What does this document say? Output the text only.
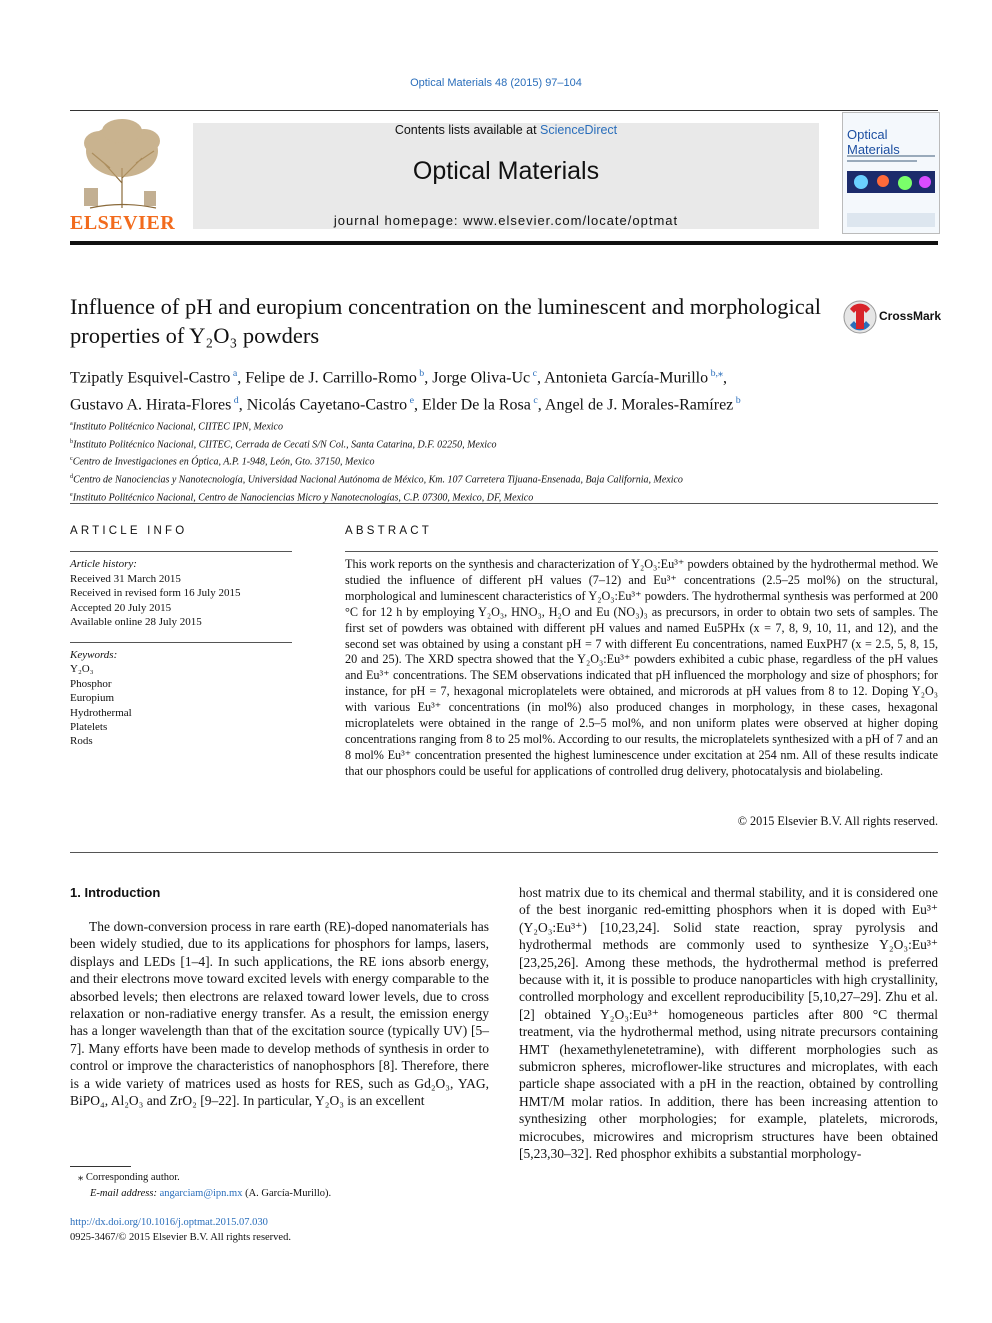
Optical Materials 48 (2015) 97–104
ELSEVIER
Contents lists available at ScienceDirect
Optical Materials
journal homepage: www.elsevier.com/locate/optmat
Optical Materials
Influence of pH and europium concentration on the luminescent and morphological properties of Y₂O₃ powders
CrossMark
Tzipatly Esquivel-Castro $^a$, Felipe de J. Carrillo-Romo $^b$, Jorge Oliva-Uc $^c$, Antonieta García-Murillo $^{b,⁎}$,
Gustavo A. Hirata-Flores $^d$, Nicolás Cayetano-Castro $^e$, Elder De la Rosa $^c$, Angel de J. Morales-Ramírez $^b$
$^a$Instituto Politécnico Nacional, CIITEC IPN, Mexico
$^b$Instituto Politécnico Nacional, CIITEC, Cerrada de Cecati S/N Col., Santa Catarina, D.F. 02250, Mexico
$^c$Centro de Investigaciones en Óptica, A.P. 1-948, León, Gto. 37150, Mexico
$^d$Centro de Nanociencias y Nanotecnología, Universidad Nacional Autónoma de México, Km. 107 Carretera Tijuana-Ensenada, Baja California, Mexico
$^e$Instituto Politécnico Nacional, Centro de Nanociencias Micro y Nanotecnologías, C.P. 07300, Mexico, DF, Mexico
ARTICLE INFO
Article history:
Received 31 March 2015
Received in revised form 16 July 2015
Accepted 20 July 2015
Available online 28 July 2015
Keywords:
Y₂O₃
Phosphor
Europium
Hydrothermal
Platelets
Rods
ABSTRACT
This work reports on the synthesis and characterization of Y₂O₃:Eu³⁺ powders obtained by the hydrothermal method. We studied the influence of different pH values (7–12) and Eu³⁺ concentrations (2.5–25 mol%) on the structural, morphological and luminescent characteristics of Y₂O₃:Eu³⁺ powders. The hydrothermal synthesis was performed at 200 °C for 12 h by employing Y₂O₃, HNO₃, H₂O and Eu (NO₃)₃ as precursors, in order to obtain two sets of samples. The first set of powders was obtained with different pH values and named Eu5PHx (x = 7, 8, 9, 10, 11, and 12), and the second set was obtained by using a constant pH = 7 with different Eu concentrations, named EuxPH7 (x = 2.5, 5, 8, 15, 20 and 25). The XRD spectra showed that the Y₂O₃:Eu³⁺ powders exhibited a cubic phase, regardless of the pH values and Eu³⁺ concentrations. The SEM observations indicated that pH influenced the morphology and size of phosphors; for instance, for pH = 7, hexagonal microplatelets were obtained, and microrods at pH values from 8 to 12. Doping Y₂O₃ with various Eu³⁺ concentrations (in mol%) also produced changes in morphology, in these cases, hexagonal microplatelets were obtained in the range of 2.5–5 mol%, and non uniform plates were observed at higher doping concentrations ranging from 8 to 25 mol%. According to our results, the microplatelets synthesized with a pH of 7 and an 8 mol% Eu³⁺ concentration presented the highest luminescence under excitation at 254 nm. All of these results indicate that our phosphors could be useful for applications of controlled drug delivery, photocatalysis and biolabeling.
© 2015 Elsevier B.V. All rights reserved.
1. Introduction
The down-conversion process in rare earth (RE)-doped nanomaterials has been widely studied, due to its applications for phosphors for lamps, lasers, displays and LEDs [1–4]. In such applications, the RE ions absorb energy, and their electrons move toward excited levels with energy comparable to the absorbed levels; then electrons are relaxed toward lower levels, due to cross relaxation or non-radiative energy transfer. As a result, the emission energy has a longer wavelength than that of the excitation source (typically UV) [5–7]. Many efforts have been made to develop methods of synthesis in order to control or improve the characteristics of nanophosphors [8]. Therefore, there is a wide variety of matrices used as hosts for RES, such as Gd₂O₃, YAG, BiPO₄, Al₂O₃ and ZrO₂ [9–22]. In particular, Y₂O₃ is an excellent
host matrix due to its chemical and thermal stability, and it is considered one of the best inorganic red-emitting phosphors when it is doped with Eu³⁺ (Y₂O₃:Eu³⁺) [10,23,24]. Solid state reaction, spray pyrolysis and hydrothermal methods are commonly used to synthesize Y₂O₃:Eu³⁺ [23,25,26]. Among these methods, the hydrothermal method is preferred because with it, it is possible to produce nanoparticles with high crystallinity, controlled morphology and excellent reproducibility [5,10,27–29]. Zhu et al. [2] obtained Y₂O₃:Eu³⁺ homogeneous particles after 800 °C thermal treatment, via the hydrothermal method, using nitrate precursors containing HMT (hexamethylenetetramine), with different morphologies such as submicron spheres, microflower-like structures and microplates, with each particle shape associated with a pH in the reaction, obtained by controlling HMT/M molar ratios. In addition, there has been increasing attention to synthesizing other morphologies; for example, platelets, microrods, microcubes, microwires and microprism structures have been obtained [5,23,30–32]. Red phosphor exhibits a substantial morphology-
⁎ Corresponding author.
E-mail address: angarciam@ipn.mx (A. García-Murillo).
http://dx.doi.org/10.1016/j.optmat.2015.07.030
0925-3467/© 2015 Elsevier B.V. All rights reserved.
